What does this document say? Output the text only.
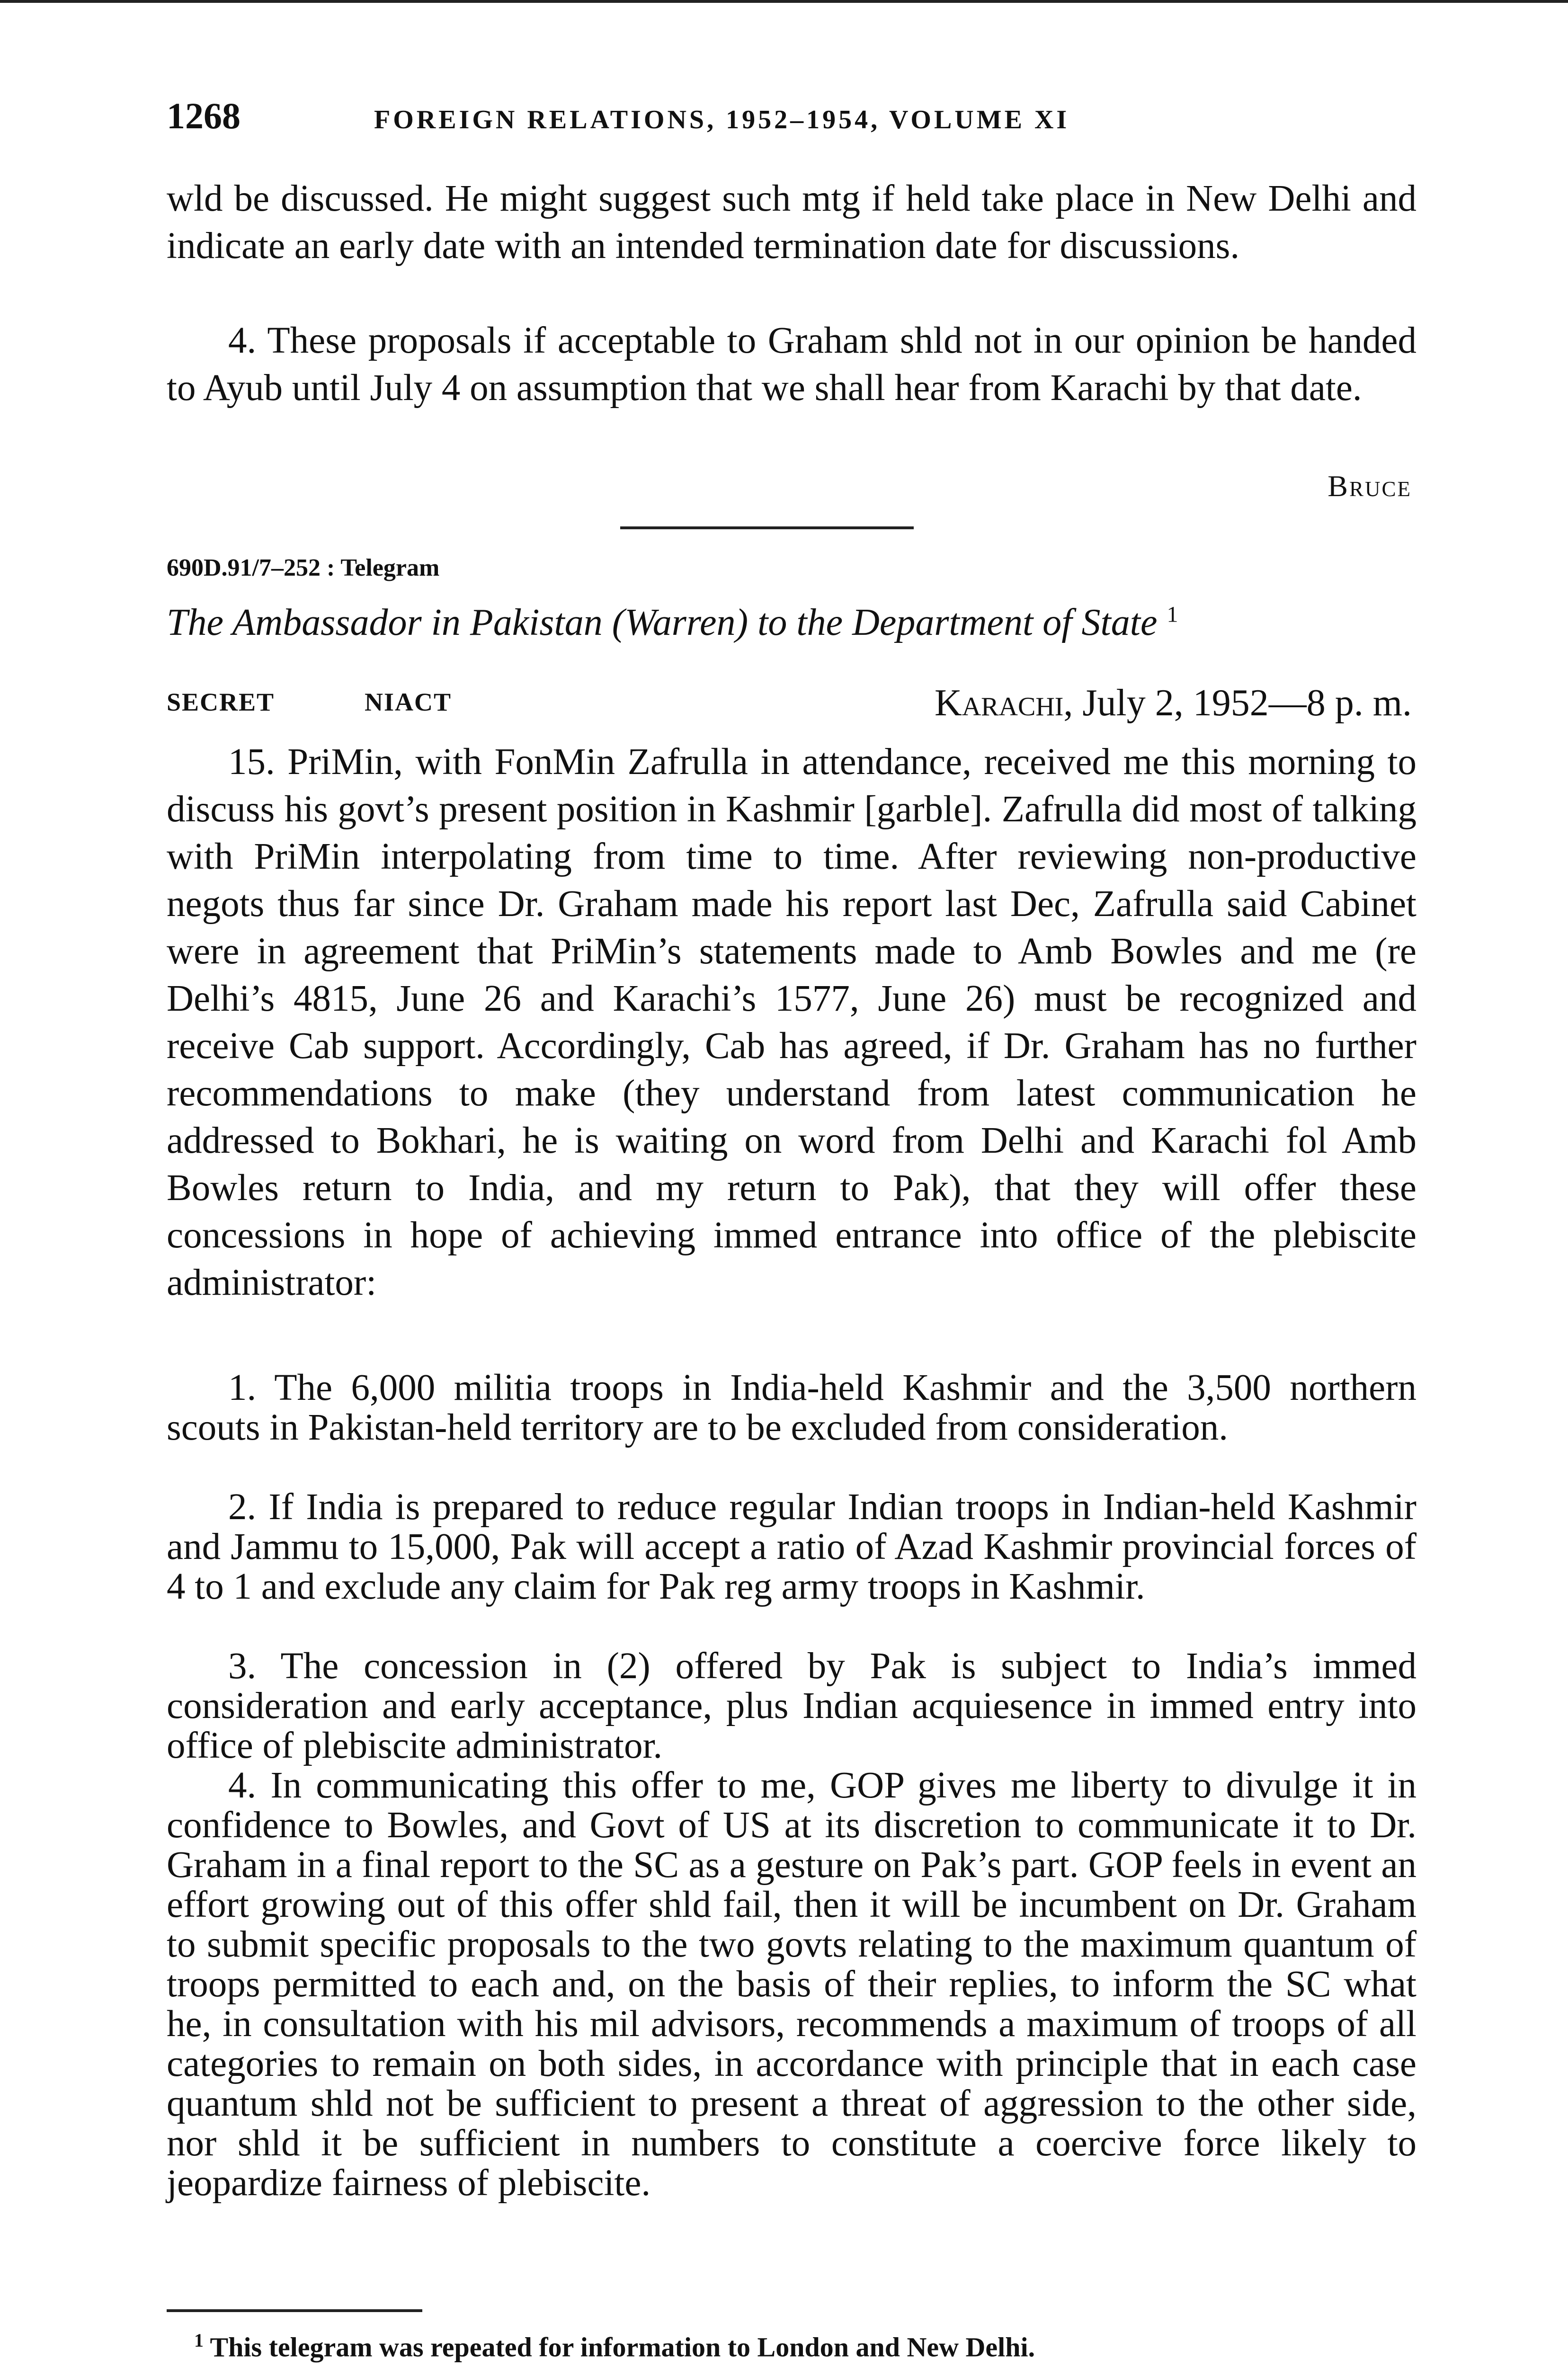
1268	FOREIGN RELATIONS, 1952–1954, VOLUME XI

wld be discussed. He might suggest such mtg if held take place in New Delhi and indicate an early date with an intended termination date for discussions.

4. These proposals if acceptable to Graham shld not in our opinion be handed to Ayub until July 4 on assumption that we shall hear from Karachi by that date.

Bruce
690D.91/7–252 : Telegram
The Ambassador in Pakistan (Warren) to the Department of State $^1$
SECRET	NIACT	Karachi, July 2, 1952—8 p. m.

15. PriMin, with FonMin Zafrulla in attendance, received me this morning to discuss his govt’s present position in Kashmir [garble]. Zafrulla did most of talking with PriMin interpolating from time to time. After reviewing non-productive negots thus far since Dr. Graham made his report last Dec, Zafrulla said Cabinet were in agreement that PriMin’s statements made to Amb Bowles and me (re Delhi’s 4815, June 26 and Karachi’s 1577, June 26) must be recognized and receive Cab support. Accordingly, Cab has agreed, if Dr. Graham has no further recommendations to make (they understand from latest communication he addressed to Bokhari, he is waiting on word from Delhi and Karachi fol Amb Bowles return to India, and my return to Pak), that they will offer these concessions in hope of achieving immed entrance into office of the plebiscite administrator:

1. The 6,000 militia troops in India-held Kashmir and the 3,500 northern scouts in Pakistan-held territory are to be excluded from consideration.

2. If India is prepared to reduce regular Indian troops in Indian-held Kashmir and Jammu to 15,000, Pak will accept a ratio of Azad Kashmir provincial forces of 4 to 1 and exclude any claim for Pak reg army troops in Kashmir.

3. The concession in (2) offered by Pak is subject to India’s immed consideration and early acceptance, plus Indian acquiesence in immed entry into office of plebiscite administrator.

4. In communicating this offer to me, GOP gives me liberty to divulge it in confidence to Bowles, and Govt of US at its discretion to communicate it to Dr. Graham in a final report to the SC as a gesture on Pak’s part. GOP feels in event an effort growing out of this offer shld fail, then it will be incumbent on Dr. Graham to submit specific proposals to the two govts relating to the maximum quantum of troops permitted to each and, on the basis of their replies, to inform the SC what he, in consultation with his mil advisors, recommends a maximum of troops of all categories to remain on both sides, in accordance with principle that in each case quantum shld not be sufficient to present a threat of aggression to the other side, nor shld it be sufficient in numbers to constitute a coercive force likely to jeopardize fairness of plebiscite.

$^1$ This telegram was repeated for information to London and New Delhi.
